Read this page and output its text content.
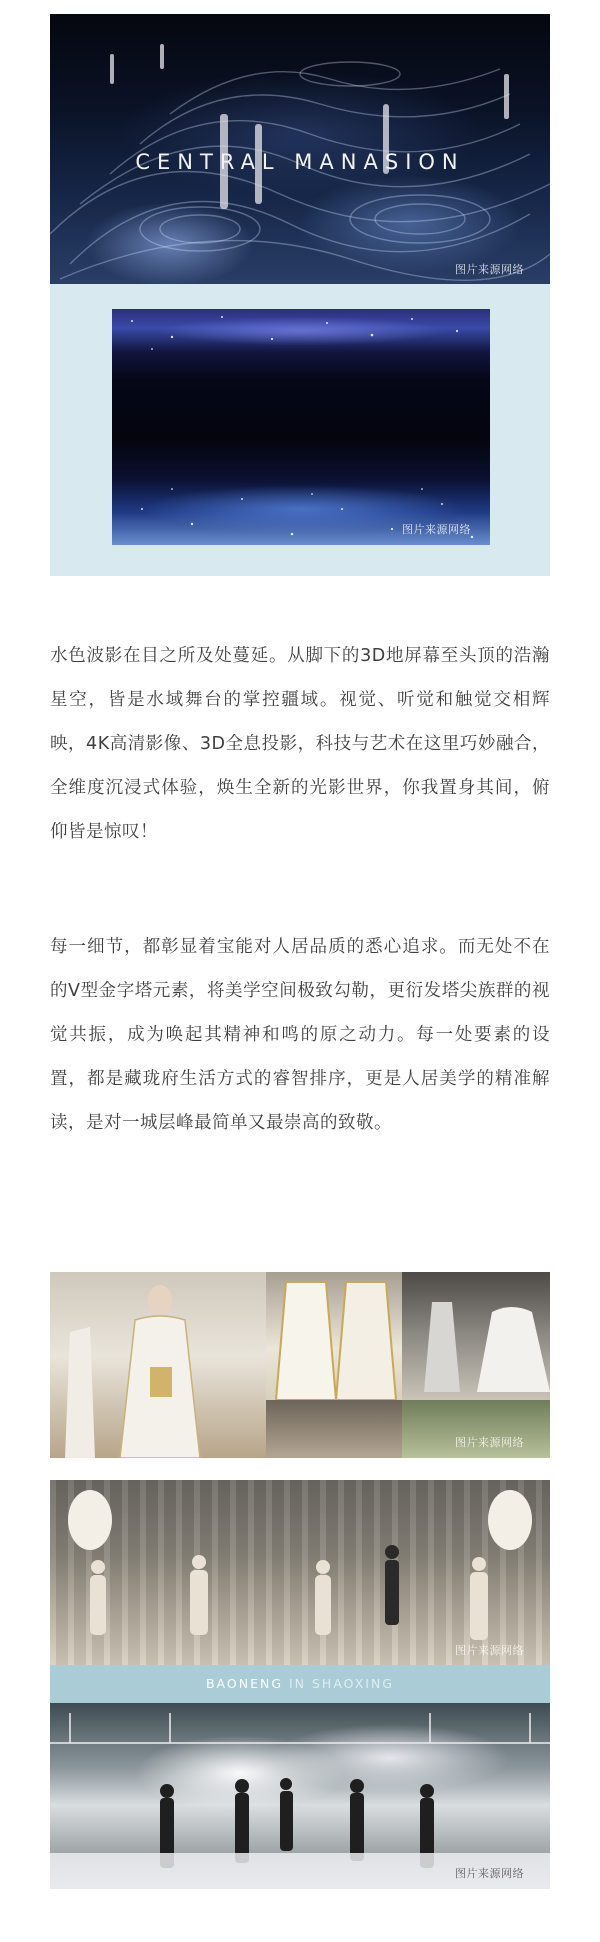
CENTRAL MANASION
图片来源网络
图片来源网络
水色波影在目之所及处蔓延。从脚下的3D地屏幕至头顶的浩瀚星空，皆是水域舞台的掌控疆域。视觉、听觉和触觉交相辉映，4K高清影像、3D全息投影，科技与艺术在这里巧妙融合，全维度沉浸式体验，焕生全新的光影世界，你我置身其间，俯仰皆是惊叹！
每一细节，都彰显着宝能对人居品质的悉心追求。而无处不在的V型金字塔元素，将美学空间极致勾勒，更衍发塔尖族群的视觉共振，成为唤起其精神和鸣的原之动力。每一处要素的设置，都是藏珑府生活方式的睿智排序，更是人居美学的精准解读，是对一城层峰最简单又最崇高的致敬。
图片来源网络
图片来源网络
BAONENG IN SHAOXING
图片来源网络
